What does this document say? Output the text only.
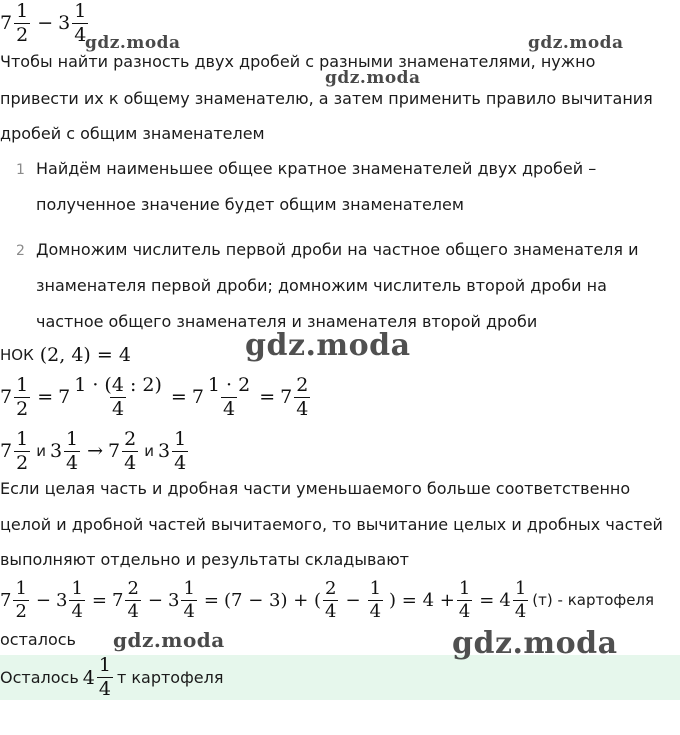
$7 \frac{1}{2} - 3 \frac{1}{4}$
Чтобы найти разность двух дробей с разными знаменателями, нужно
привести их к общему знаменателю, а затем применить правило вычитания
дробей с общим знаменателем
1 Найдём наименьшее общее кратное знаменателей двух дробей –
полученное значение будет общим знаменателем
2 Домножим числитель первой дроби на частное общего знаменателя и
знаменателя первой дроби; домножим числитель второй дроби на
частное общего знаменателя и знаменателя второй дроби
НОК (2, 4) = 4
$7 \frac{1}{2} = 7 \frac{1 \cdot (4 : 2)}{4} = 7 \frac{1 \cdot 2}{4} = 7 \frac{2}{4}$
$7 \frac{1}{2}$ и $3 \frac{1}{4} \to 7 \frac{2}{4}$ и $3 \frac{1}{4}$
Если целая часть и дробная части уменьшаемого больше соответственно
целой и дробной частей вычитаемого, то вычитание целых и дробных частей
выполняют отдельно и результаты складывают
$7 \frac{1}{2} - 3 \frac{1}{4} = 7 \frac{2}{4} - 3 \frac{1}{4} = (7 - 3)$ + ( $\frac{2}{4} - \frac{1}{4}$ ) = $4 + \frac{1}{4} = 4 \frac{1}{4} (т)$ - картофеля
осталось
Осталось $4 \frac{1}{4}$ т картофеля
gdz.moda	gdz.moda
gdz.moda
gdz.moda
gdz.moda	gdz.moda
